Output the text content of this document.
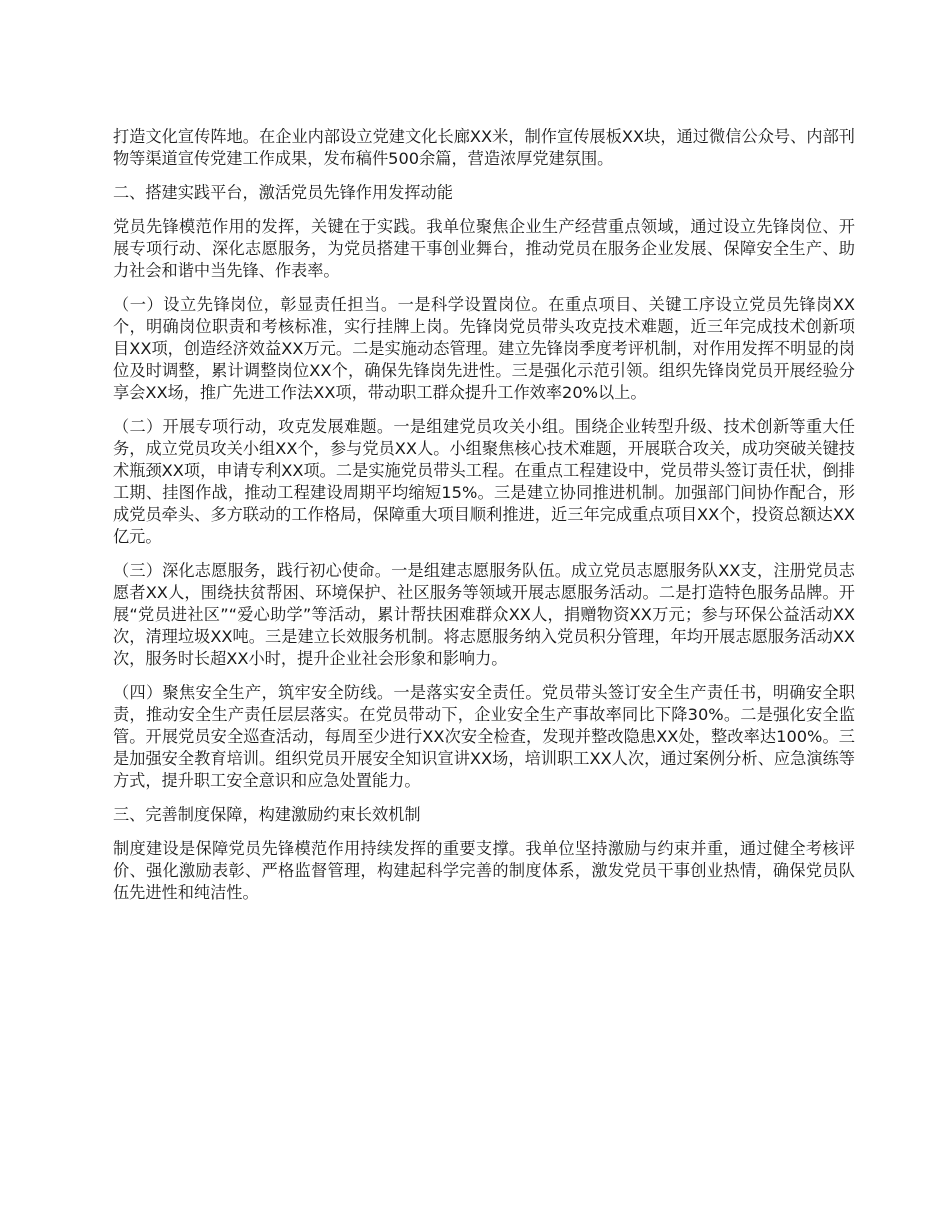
打造文化宣传阵地。在企业内部设立党建文化长廊XX米，制作宣传展板XX块，通过微信公众号、内部刊物等渠道宣传党建工作成果，发布稿件500余篇，营造浓厚党建氛围。

二、搭建实践平台，激活党员先锋作用发挥动能

党员先锋模范作用的发挥，关键在于实践。我单位聚焦企业生产经营重点领域，通过设立先锋岗位、开展专项行动、深化志愿服务，为党员搭建干事创业舞台，推动党员在服务企业发展、保障安全生产、助力社会和谐中当先锋、作表率。

（一）设立先锋岗位，彰显责任担当。一是科学设置岗位。在重点项目、关键工序设立党员先锋岗XX个，明确岗位职责和考核标准，实行挂牌上岗。先锋岗党员带头攻克技术难题，近三年完成技术创新项目XX项，创造经济效益XX万元。二是实施动态管理。建立先锋岗季度考评机制，对作用发挥不明显的岗位及时调整，累计调整岗位XX个，确保先锋岗先进性。三是强化示范引领。组织先锋岗党员开展经验分享会XX场，推广先进工作法XX项，带动职工群众提升工作效率20%以上。

（二）开展专项行动，攻克发展难题。一是组建党员攻关小组。围绕企业转型升级、技术创新等重大任务，成立党员攻关小组XX个，参与党员XX人。小组聚焦核心技术难题，开展联合攻关，成功突破关键技术瓶颈XX项，申请专利XX项。二是实施党员带头工程。在重点工程建设中，党员带头签订责任状，倒排工期、挂图作战，推动工程建设周期平均缩短15%。三是建立协同推进机制。加强部门间协作配合，形成党员牵头、多方联动的工作格局，保障重大项目顺利推进，近三年完成重点项目XX个，投资总额达XX亿元。

（三）深化志愿服务，践行初心使命。一是组建志愿服务队伍。成立党员志愿服务队XX支，注册党员志愿者XX人，围绕扶贫帮困、环境保护、社区服务等领域开展志愿服务活动。二是打造特色服务品牌。开展“党员进社区”“爱心助学”等活动，累计帮扶困难群众XX人，捐赠物资XX万元；参与环保公益活动XX次，清理垃圾XX吨。三是建立长效服务机制。将志愿服务纳入党员积分管理，年均开展志愿服务活动XX次，服务时长超XX小时，提升企业社会形象和影响力。

（四）聚焦安全生产，筑牢安全防线。一是落实安全责任。党员带头签订安全生产责任书，明确安全职责，推动安全生产责任层层落实。在党员带动下，企业安全生产事故率同比下降30%。二是强化安全监管。开展党员安全巡查活动，每周至少进行XX次安全检查，发现并整改隐患XX处，整改率达100%。三是加强安全教育培训。组织党员开展安全知识宣讲XX场，培训职工XX人次，通过案例分析、应急演练等方式，提升职工安全意识和应急处置能力。

三、完善制度保障，构建激励约束长效机制

制度建设是保障党员先锋模范作用持续发挥的重要支撑。我单位坚持激励与约束并重，通过健全考核评价、强化激励表彰、严格监督管理，构建起科学完善的制度体系，激发党员干事创业热情，确保党员队伍先进性和纯洁性。
